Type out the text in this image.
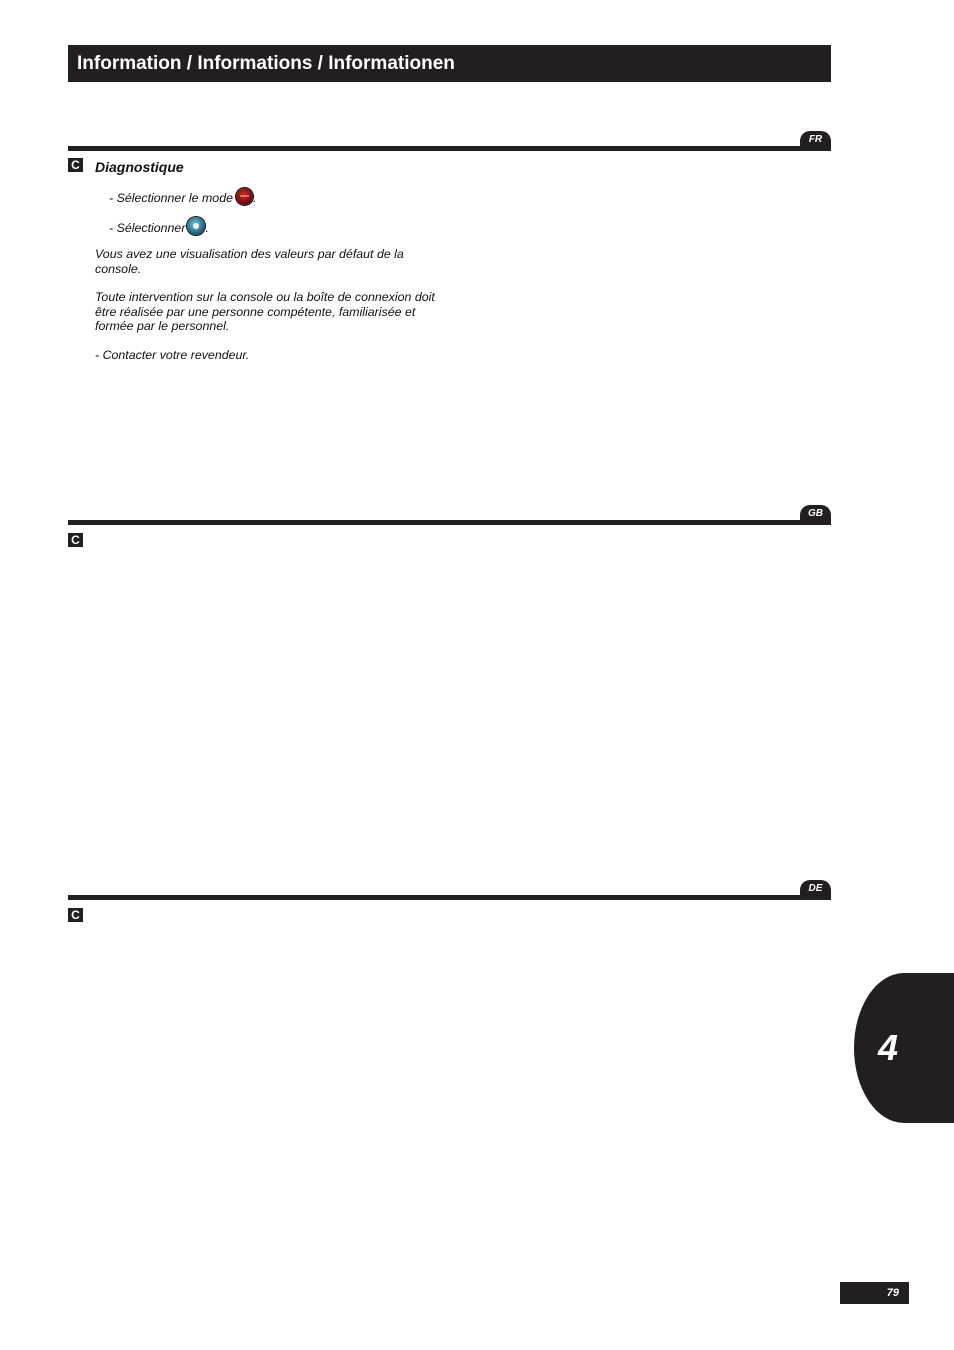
Information / Informations / Informationen
FR
C Diagnostique
- Sélectionner le mode .
- Sélectionner .
Vous avez une visualisation des valeurs par défaut de la console.
Toute intervention sur la console ou la boîte de connexion doit être réalisée par une personne compétente, familiarisée et formée par le personnel.
- Contacter votre revendeur.
GB
C
DE
C
4
79
